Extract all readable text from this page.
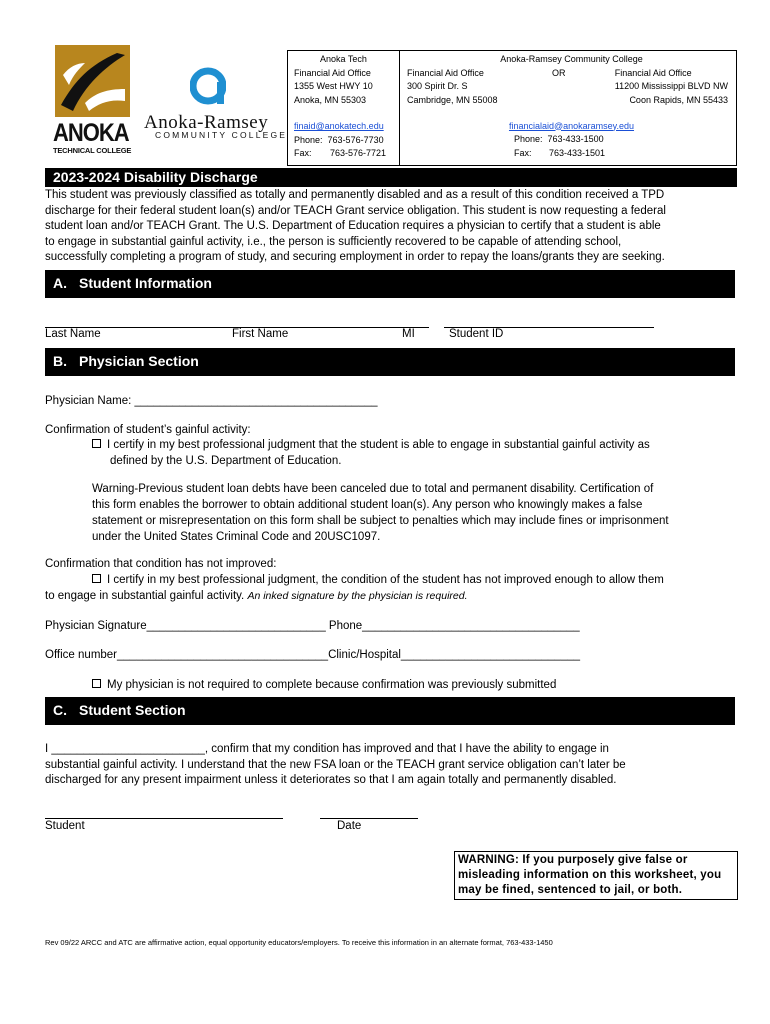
ANOKA
TECHNICAL COLLEGE
Anoka-Ramsey
COMMUNITY COLLEGE
Anoka Tech
Financial Aid Office
1355 West HWY 10
Anoka, MN 55303
finaid@anokatech.edu
Phone: 763-576-7730
Fax: 763-576-7721
Anoka-Ramsey Community College
Financial Aid Office
300 Spirit Dr. S
Cambridge, MN 55008
OR	Financial Aid Office
11200 Mississippi BLVD NW
Coon Rapids, MN 55433
financialaid@anokaramsey.edu
Phone: 763-433-1500
Fax: 763-433-1501
2023-2024 Disability Discharge
This student was previously classified as totally and permanently disabled and as a result of this condition received a TPD
discharge for their federal student loan(s) and/or TEACH Grant service obligation. This student is now requesting a federal
student loan and/or TEACH Grant. The U.S. Department of Education requires a physician to certify that a student is able
to engage in substantial gainful activity, i.e., the person is sufficiently recovered to be capable of attending school,
successfully completing a program of study, and securing employment in order to repay the loans/grants they are seeking.
A. Student Information
Last Name	First Name	MI	Student ID
B. Physician Section
Physician Name: ______________________________________
Confirmation of student’s gainful activity:
I certify in my best professional judgment that the student is able to engage in substantial gainful activity as
defined by the U.S. Department of Education.
Warning-Previous student loan debts have been canceled due to total and permanent disability. Certification of
this form enables the borrower to obtain additional student loan(s). Any person who knowingly makes a false
statement or misrepresentation on this form shall be subject to penalties which may include fines or imprisonment
under the United States Criminal Code and 20USC1097.
Confirmation that condition has not improved:
I certify in my best professional judgment, the condition of the student has not improved enough to allow them
to engage in substantial gainful activity. An inked signature by the physician is required.
Physician Signature____________________________ Phone__________________________________
Office number_________________________________Clinic/Hospital____________________________
My physician is not required to complete because confirmation was previously submitted
C. Student Section
I ________________________, confirm that my condition has improved and that I have the ability to engage in
substantial gainful activity. I understand that the new FSA loan or the TEACH grant service obligation can’t later be
discharged for any present impairment unless it deteriorates so that I am again totally and permanently disabled.
Student	Date
WARNING: If you purposely give false or
misleading information on this worksheet, you
may be fined, sentenced to jail, or both.
Rev 09/22 ARCC and ATC are affirmative action, equal opportunity educators/employers. To receive this information in an alternate format, 763-433-1450
